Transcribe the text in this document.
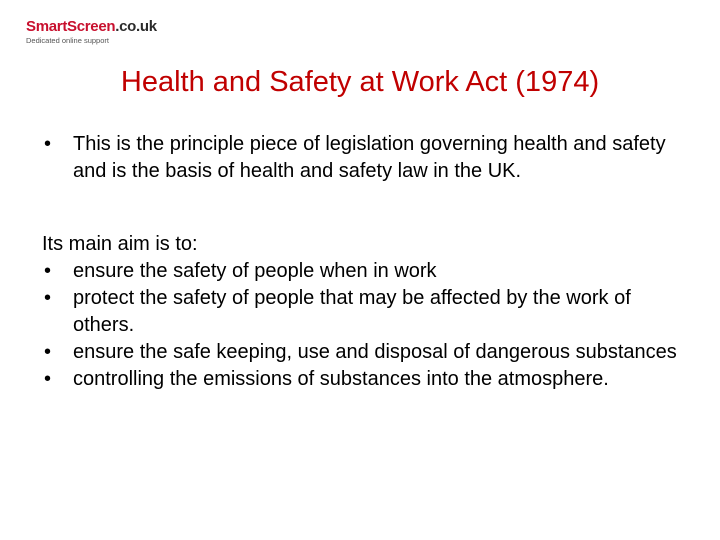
SmartScreen.co.uk
Dedicated online support
Health and Safety at Work Act (1974)
•	This is the principle piece of legislation governing health and safety and is the basis of health and safety law in the UK.
Its main aim is to:
•	ensure the safety of people when in work
•	protect the safety of people that may be affected by the work of others.
•	ensure the safe keeping, use and disposal of dangerous substances
•	controlling the emissions of substances into the atmosphere.
